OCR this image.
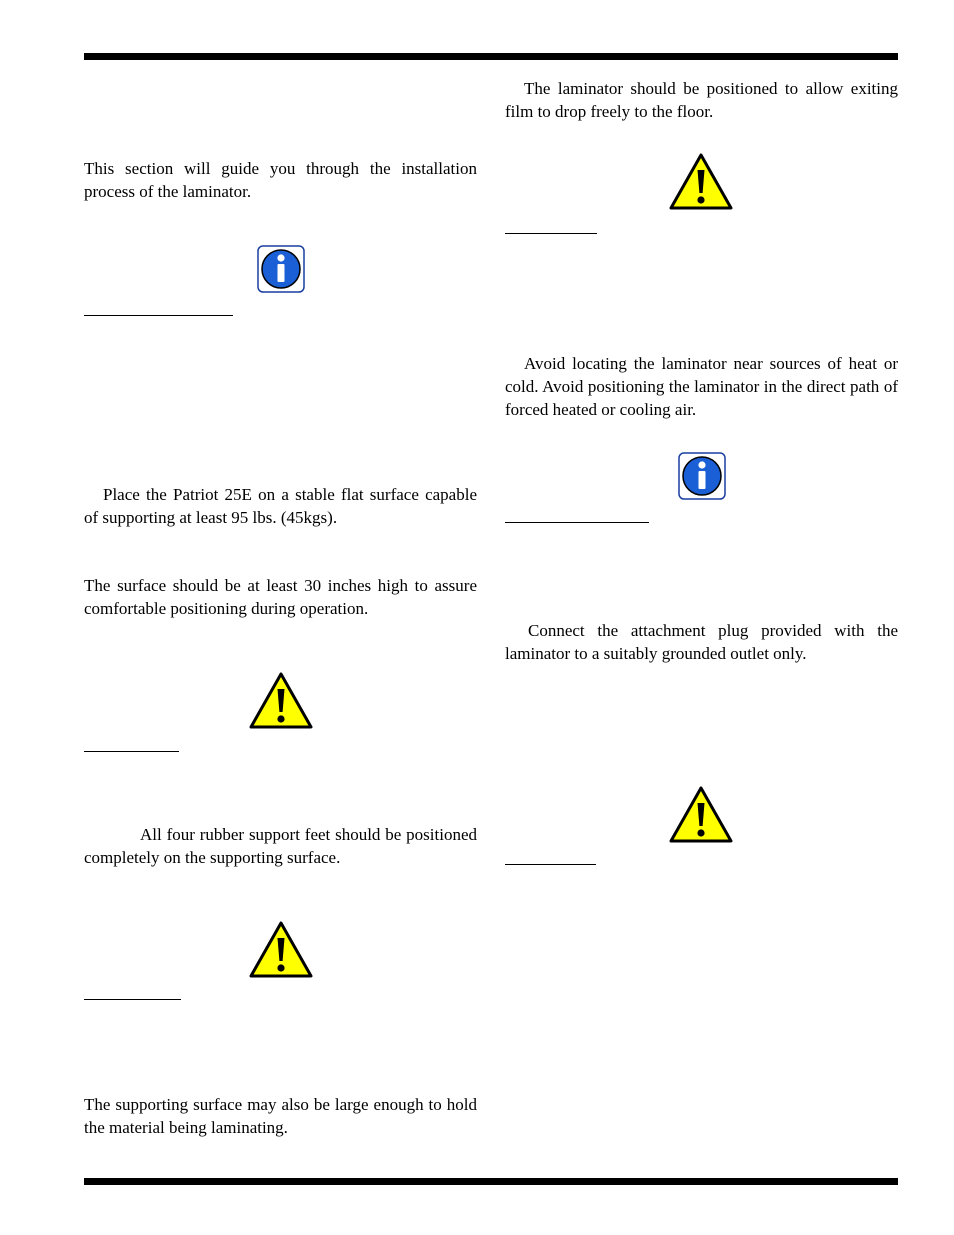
This section will guide you through the installation process of the laminator.

Place the Patriot 25E on a stable flat surface capable of supporting at least 95 lbs. (45kgs).

The surface should be at least 30 inches high to assure comfortable positioning during operation.

All four rubber support feet should be positioned completely on the supporting surface.

The supporting surface may also be large enough to hold the material being laminating.

The laminator should be positioned to allow exiting film to drop freely to the floor.

Avoid locating the laminator near sources of heat or cold. Avoid positioning the laminator in the direct path of forced heated or cooling air.

Connect the attachment plug provided with the laminator to a suitably grounded outlet only.
